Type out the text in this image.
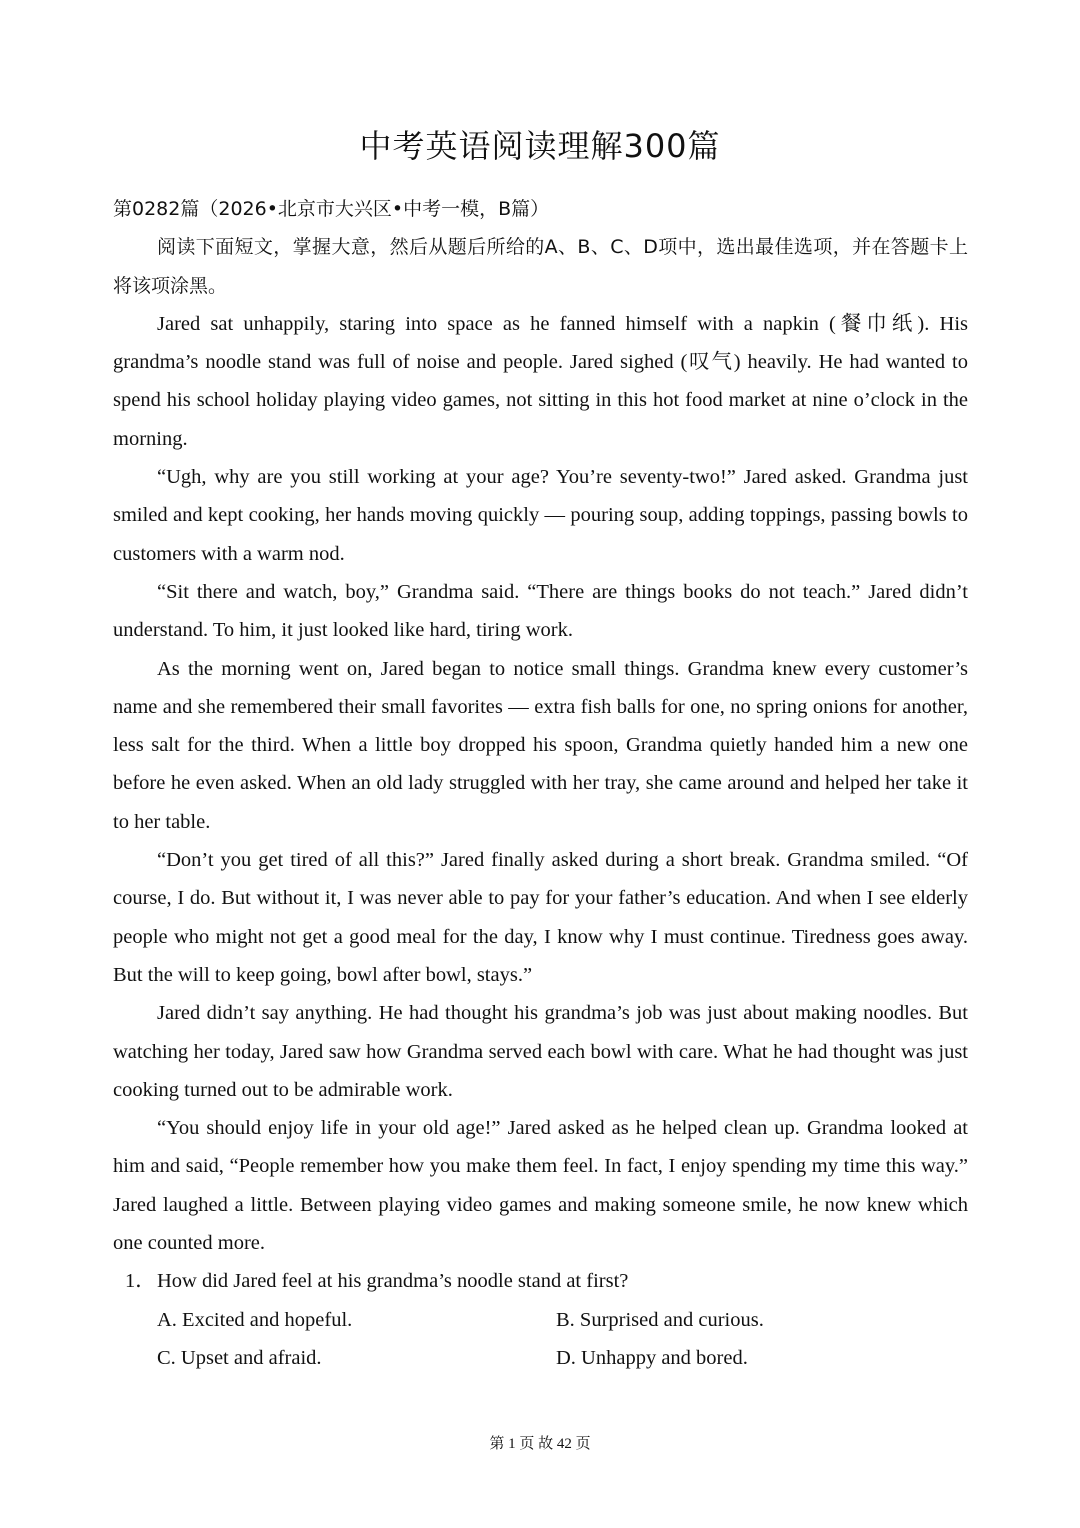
中考英语阅读理解300篇

第0282篇（2026•北京市大兴区•中考一模，B篇）

阅读下面短文，掌握大意，然后从题后所给的A、B、C、D项中，选出最佳选项，并在答题卡上将该项涂黑。

Jared sat unhappily, staring into space as he fanned himself with a napkin (餐巾纸). His grandma’s noodle stand was full of noise and people. Jared sighed (叹气) heavily. He had wanted to spend his school holiday playing video games, not sitting in this hot food market at nine o’clock in the morning.

“Ugh, why are you still working at your age? You’re seventy-two!” Jared asked. Grandma just smiled and kept cooking, her hands moving quickly — pouring soup, adding toppings, passing bowls to customers with a warm nod.

“Sit there and watch, boy,” Grandma said. “There are things books do not teach.” Jared didn’t understand. To him, it just looked like hard, tiring work.

As the morning went on, Jared began to notice small things. Grandma knew every customer’s name and she remembered their small favorites — extra fish balls for one, no spring onions for another, less salt for the third. When a little boy dropped his spoon, Grandma quietly handed him a new one before he even asked. When an old lady struggled with her tray, she came around and helped her take it to her table.

“Don’t you get tired of all this?” Jared finally asked during a short break. Grandma smiled. “Of course, I do. But without it, I was never able to pay for your father’s education. And when I see elderly people who might not get a good meal for the day, I know why I must continue. Tiredness goes away. But the will to keep going, bowl after bowl, stays.”

Jared didn’t say anything. He had thought his grandma’s job was just about making noodles. But watching her today, Jared saw how Grandma served each bowl with care. What he had thought was just cooking turned out to be admirable work.

“You should enjoy life in your old age!” Jared asked as he helped clean up. Grandma looked at him and said, “People remember how you make them feel. In fact, I enjoy spending my time this way.” Jared laughed a little. Between playing video games and making someone smile, he now knew which one counted more.

1．How did Jared feel at his grandma’s noodle stand at first?

A. Excited and hopeful.	B. Surprised and curious.
C. Upset and afraid.	D. Unhappy and bored.
第 1 页 故 42 页
